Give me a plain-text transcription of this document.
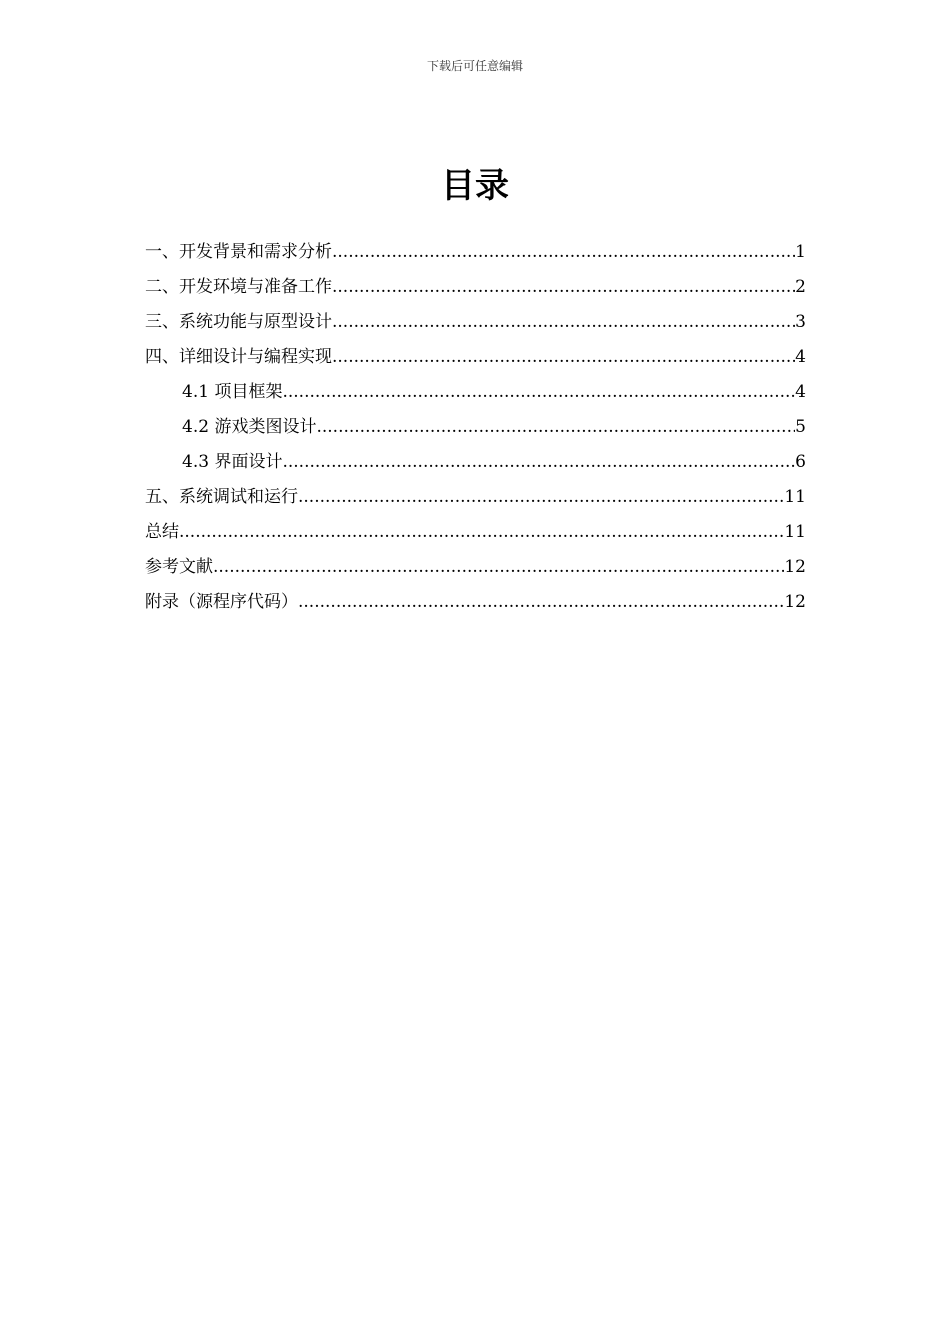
下载后可任意编辑
目录
一、开发背景和需求分析 .....	1
二、开发环境与准备工作 .....	2
三、系统功能与原型设计 .....	3
四、详细设计与编程实现 .....	4
4.1 项目框架 .....	4
4.2 游戏类图设计 .....	5
4.3 界面设计 .....	6
五、系统调试和运行 .....	11
总结 .....	11
参考文献 .....	12
附录（源程序代码） .....	12
